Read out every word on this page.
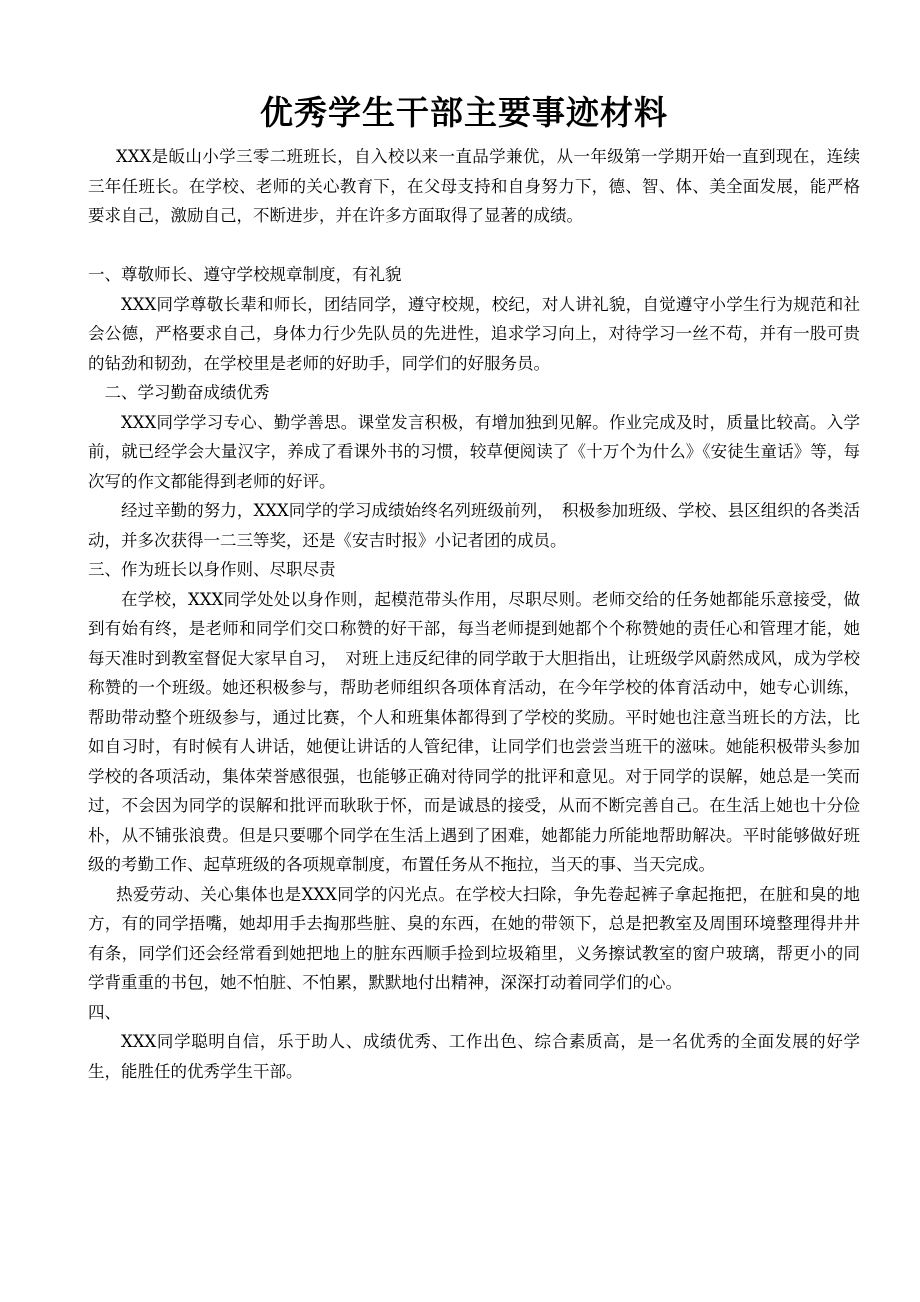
优秀学生干部主要事迹材料

XXX是皈山小学三零二班班长，自入校以来一直品学兼优，从一年级第一学期开始一直到现在，连续三年任班长。在学校、老师的关心教育下，在父母支持和自身努力下，德、智、体、美全面发展，能严格要求自己，激励自己，不断进步，并在许多方面取得了显著的成绩。

一、尊敬师长、遵守学校规章制度，有礼貌

XXX同学尊敬长辈和师长，团结同学，遵守校规，校纪，对人讲礼貌，自觉遵守小学生行为规范和社会公德，严格要求自己，身体力行少先队员的先进性，追求学习向上，对待学习一丝不苟，并有一股可贵的钻劲和韧劲，在学校里是老师的好助手，同学们的好服务员。

二、学习勤奋成绩优秀

XXX同学学习专心、勤学善思。课堂发言积极，有增加独到见解。作业完成及时，质量比较高。入学前，就已经学会大量汉字，养成了看课外书的习惯，较草便阅读了《十万个为什么》《安徒生童话》等，每次写的作文都能得到老师的好评。

经过辛勤的努力，XXX同学的学习成绩始终名列班级前列，　积极参加班级、学校、县区组织的各类活动，并多次获得一二三等奖，还是《安吉时报》小记者团的成员。

三、作为班长以身作则、尽职尽责

在学校，XXX同学处处以身作则，起模范带头作用，尽职尽则。老师交给的任务她都能乐意接受，做到有始有终，是老师和同学们交口称赞的好干部，每当老师提到她都个个称赞她的责任心和管理才能，她每天准时到教室督促大家早自习，　对班上违反纪律的同学敢于大胆指出，让班级学风蔚然成风，成为学校称赞的一个班级。她还积极参与，帮助老师组织各项体育活动，在今年学校的体育活动中，她专心训练，帮助带动整个班级参与，通过比赛，个人和班集体都得到了学校的奖励。平时她也注意当班长的方法，比如自习时，有时候有人讲话，她便让讲话的人管纪律，让同学们也尝尝当班干的滋味。她能积极带头参加学校的各项活动，集体荣誉感很强，也能够正确对待同学的批评和意见。对于同学的误解，她总是一笑而过，不会因为同学的误解和批评而耿耿于怀，而是诚恳的接受，从而不断完善自己。在生活上她也十分俭朴，从不铺张浪费。但是只要哪个同学在生活上遇到了困难，她都能力所能地帮助解决。平时能够做好班级的考勤工作、起草班级的各项规章制度，布置任务从不拖拉，当天的事、当天完成。

热爱劳动、关心集体也是XXX同学的闪光点。在学校大扫除，争先卷起裤子拿起拖把，在脏和臭的地方，有的同学捂嘴，她却用手去掏那些脏、臭的东西，在她的带领下，总是把教室及周围环境整理得井井有条，同学们还会经常看到她把地上的脏东西顺手捡到垃圾箱里，义务擦试教室的窗户玻璃，帮更小的同学背重重的书包，她不怕脏、不怕累，默默地付出精神，深深打动着同学们的心。

四、

XXX同学聪明自信，乐于助人、成绩优秀、工作出色、综合素质高，是一名优秀的全面发展的好学生，能胜任的优秀学生干部。
